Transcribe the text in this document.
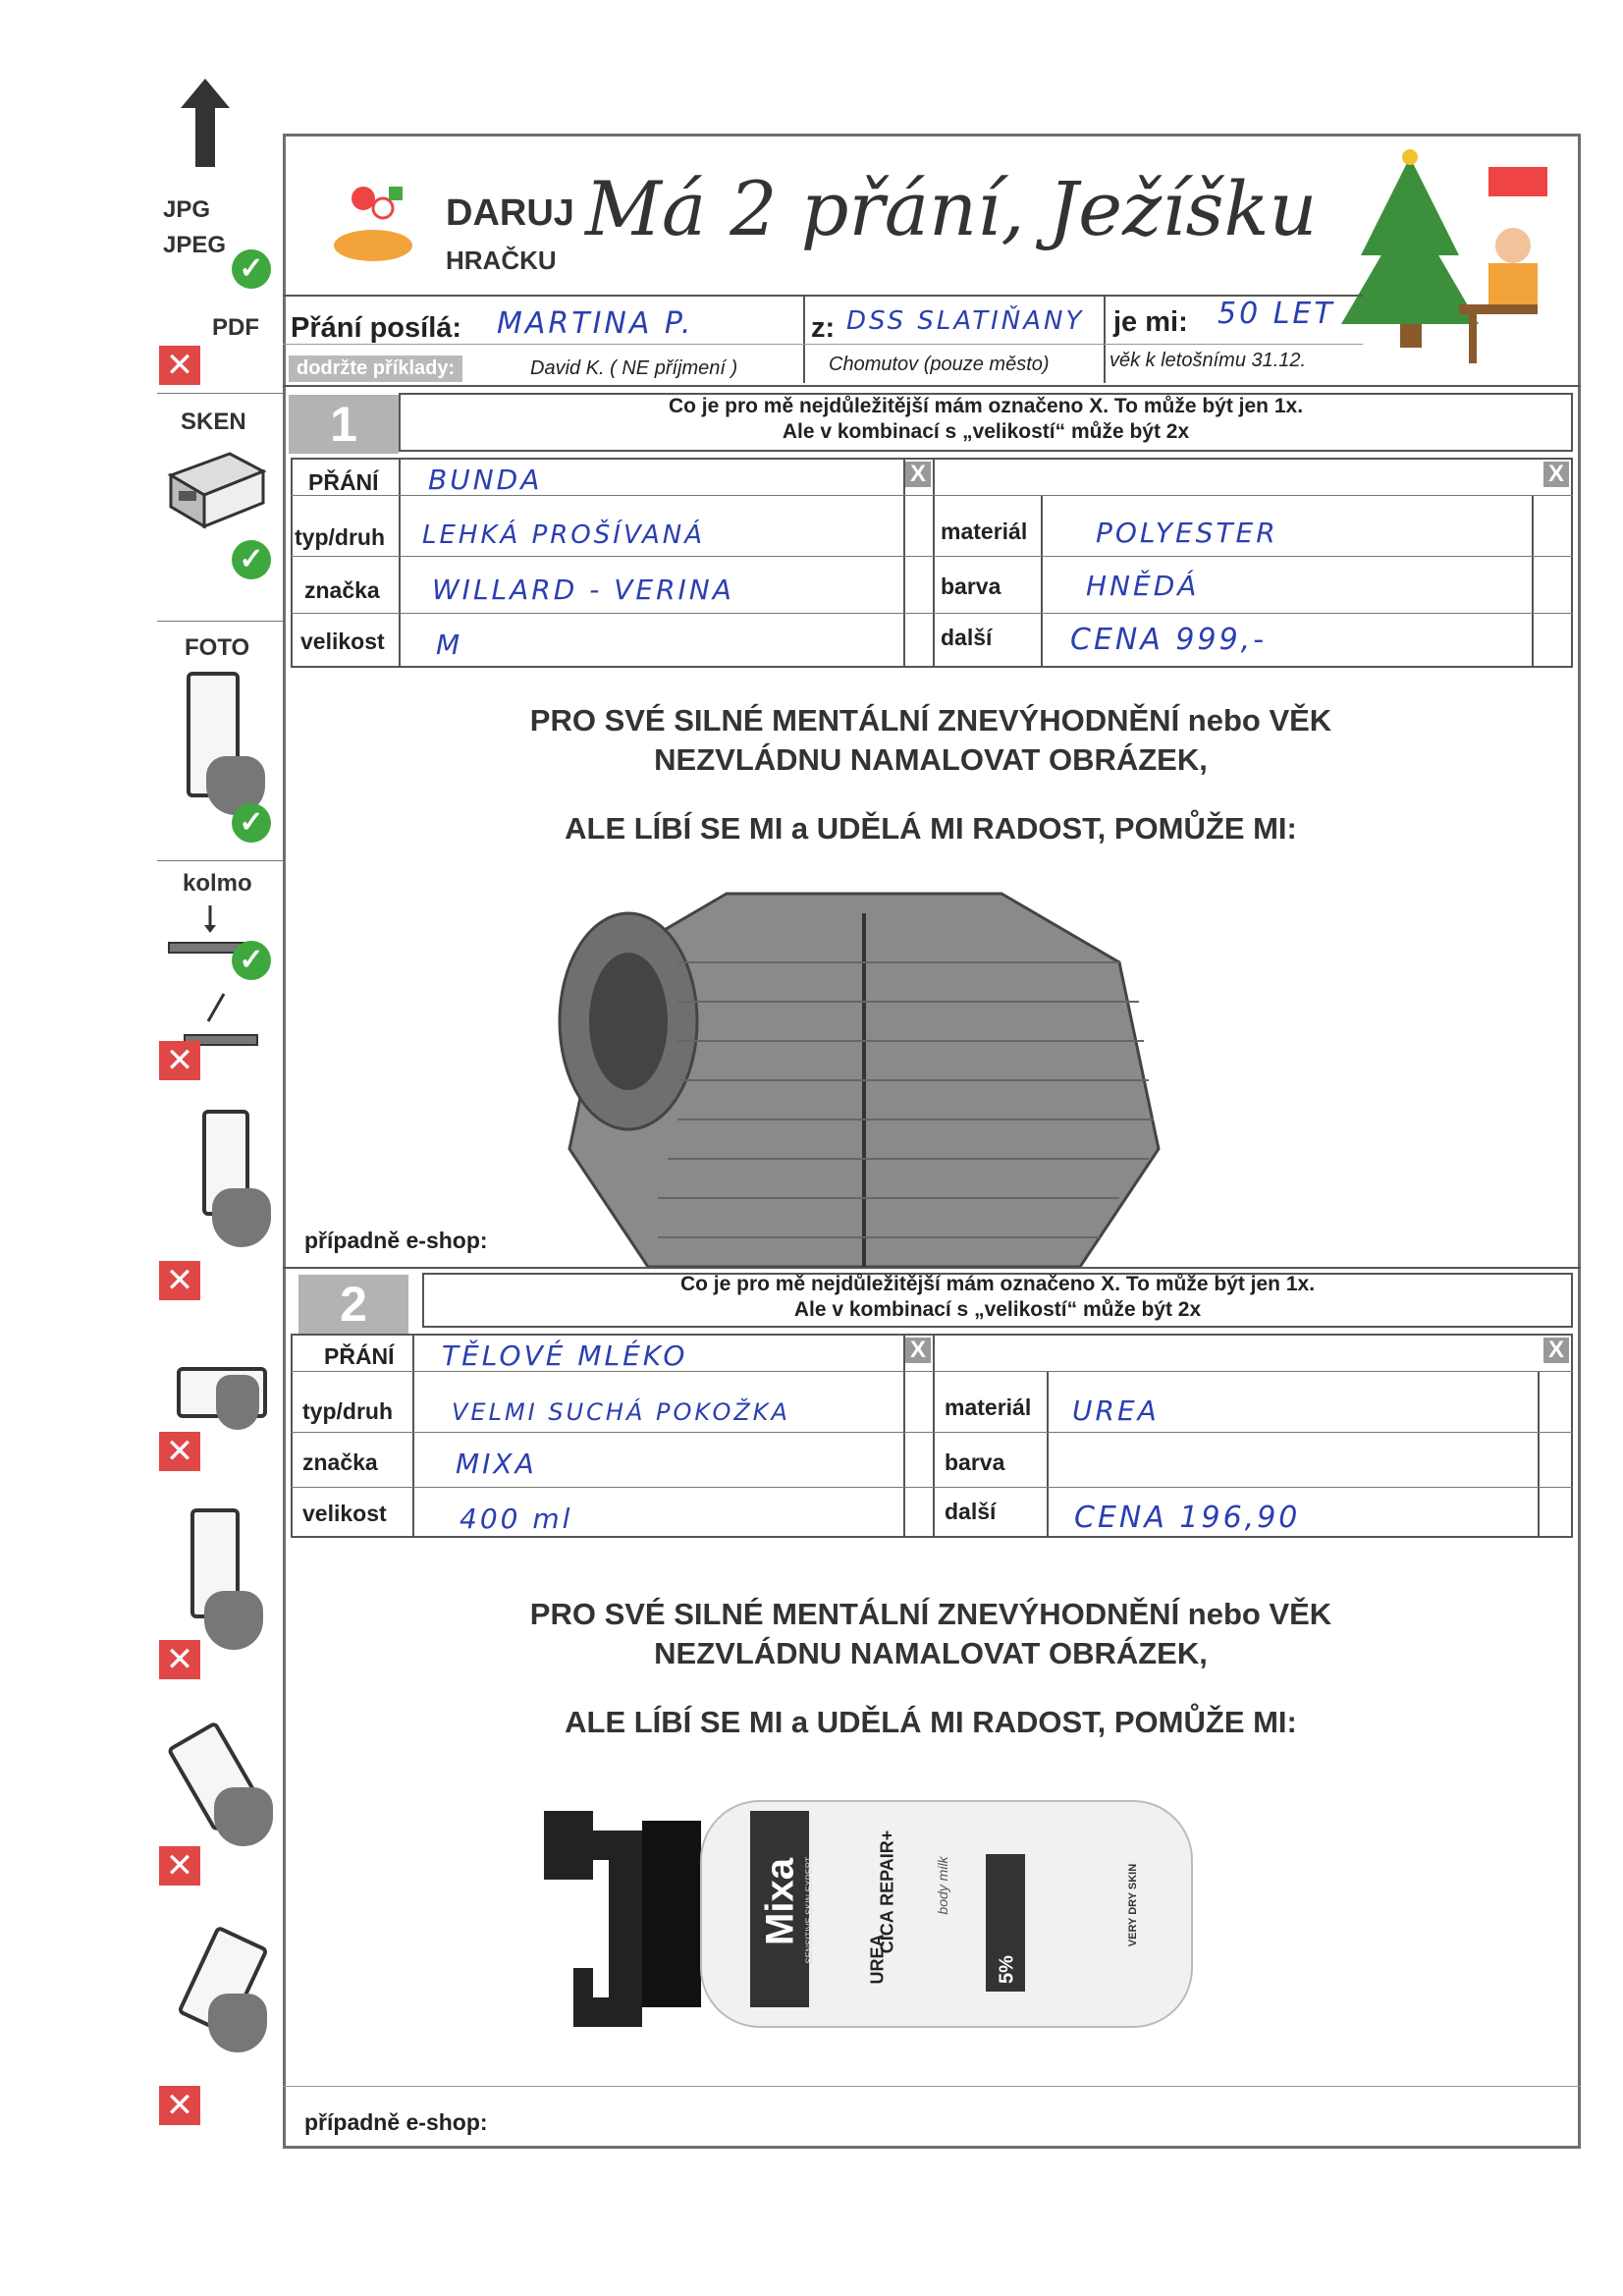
JPG
JPEG
✓
PDF
✕
SKEN
✓
FOTO
✓
kolmo
✓
✕
✕
✕
✕
✕
✕
DARUJ
HRAČKU
Má 2 přání, Ježíšku
Přání posílá: MARTINA P.	z: DSS SLATIŇANY je mi: 50 LET
dodržte příklady:	David K. ( NE příjmení )	Chomutov (pouze město)	věk k letošnímu 31.12.
1	Co je pro mě nejdůležitější mám označeno X. To může být jen 1x.
Ale v kombinací s „velikostí“ může být 2x
PŘÁNÍ BUNDA	X	X
typ/druh LEHKÁ PROŠÍVANÁ	materiál POLYESTER
značka WILLARD - VERINA	barva	HNĚDÁ
velikost M	další	CENA 999,-
PRO SVÉ SILNÉ MENTÁLNÍ ZNEVÝHODNĚNÍ nebo VĚK
NEZVLÁDNU NAMALOVAT OBRÁZEK,
ALE LÍBÍ SE MI a UDĚLÁ MI RADOST, POMŮŽE MI:
případně e-shop:
2	Co je pro mě nejdůležitější mám označeno X. To může být jen 1x.
Ale v kombinací s „velikostí“ může být 2x
PŘÁNÍ TĚLOVÉ MLÉKO	X	X
typ/druh	VELMI SUCHÁ POKOŽKA	materiál UREA
značka	MIXA	barva
velikost	400 ml	další	CENA 196,90
PRO SVÉ SILNÉ MENTÁLNÍ ZNEVÝHODNĚNÍ nebo VĚK
NEZVLÁDNU NAMALOVAT OBRÁZEK,
ALE LÍBÍ SE MI a UDĚLÁ MI RADOST, POMŮŽE MI:
Mixa SENSITIVE SKIN EXPERT	UREA
CICA REPAIR+	body milk
5%
VERY DRY SKIN
případně e-shop:
